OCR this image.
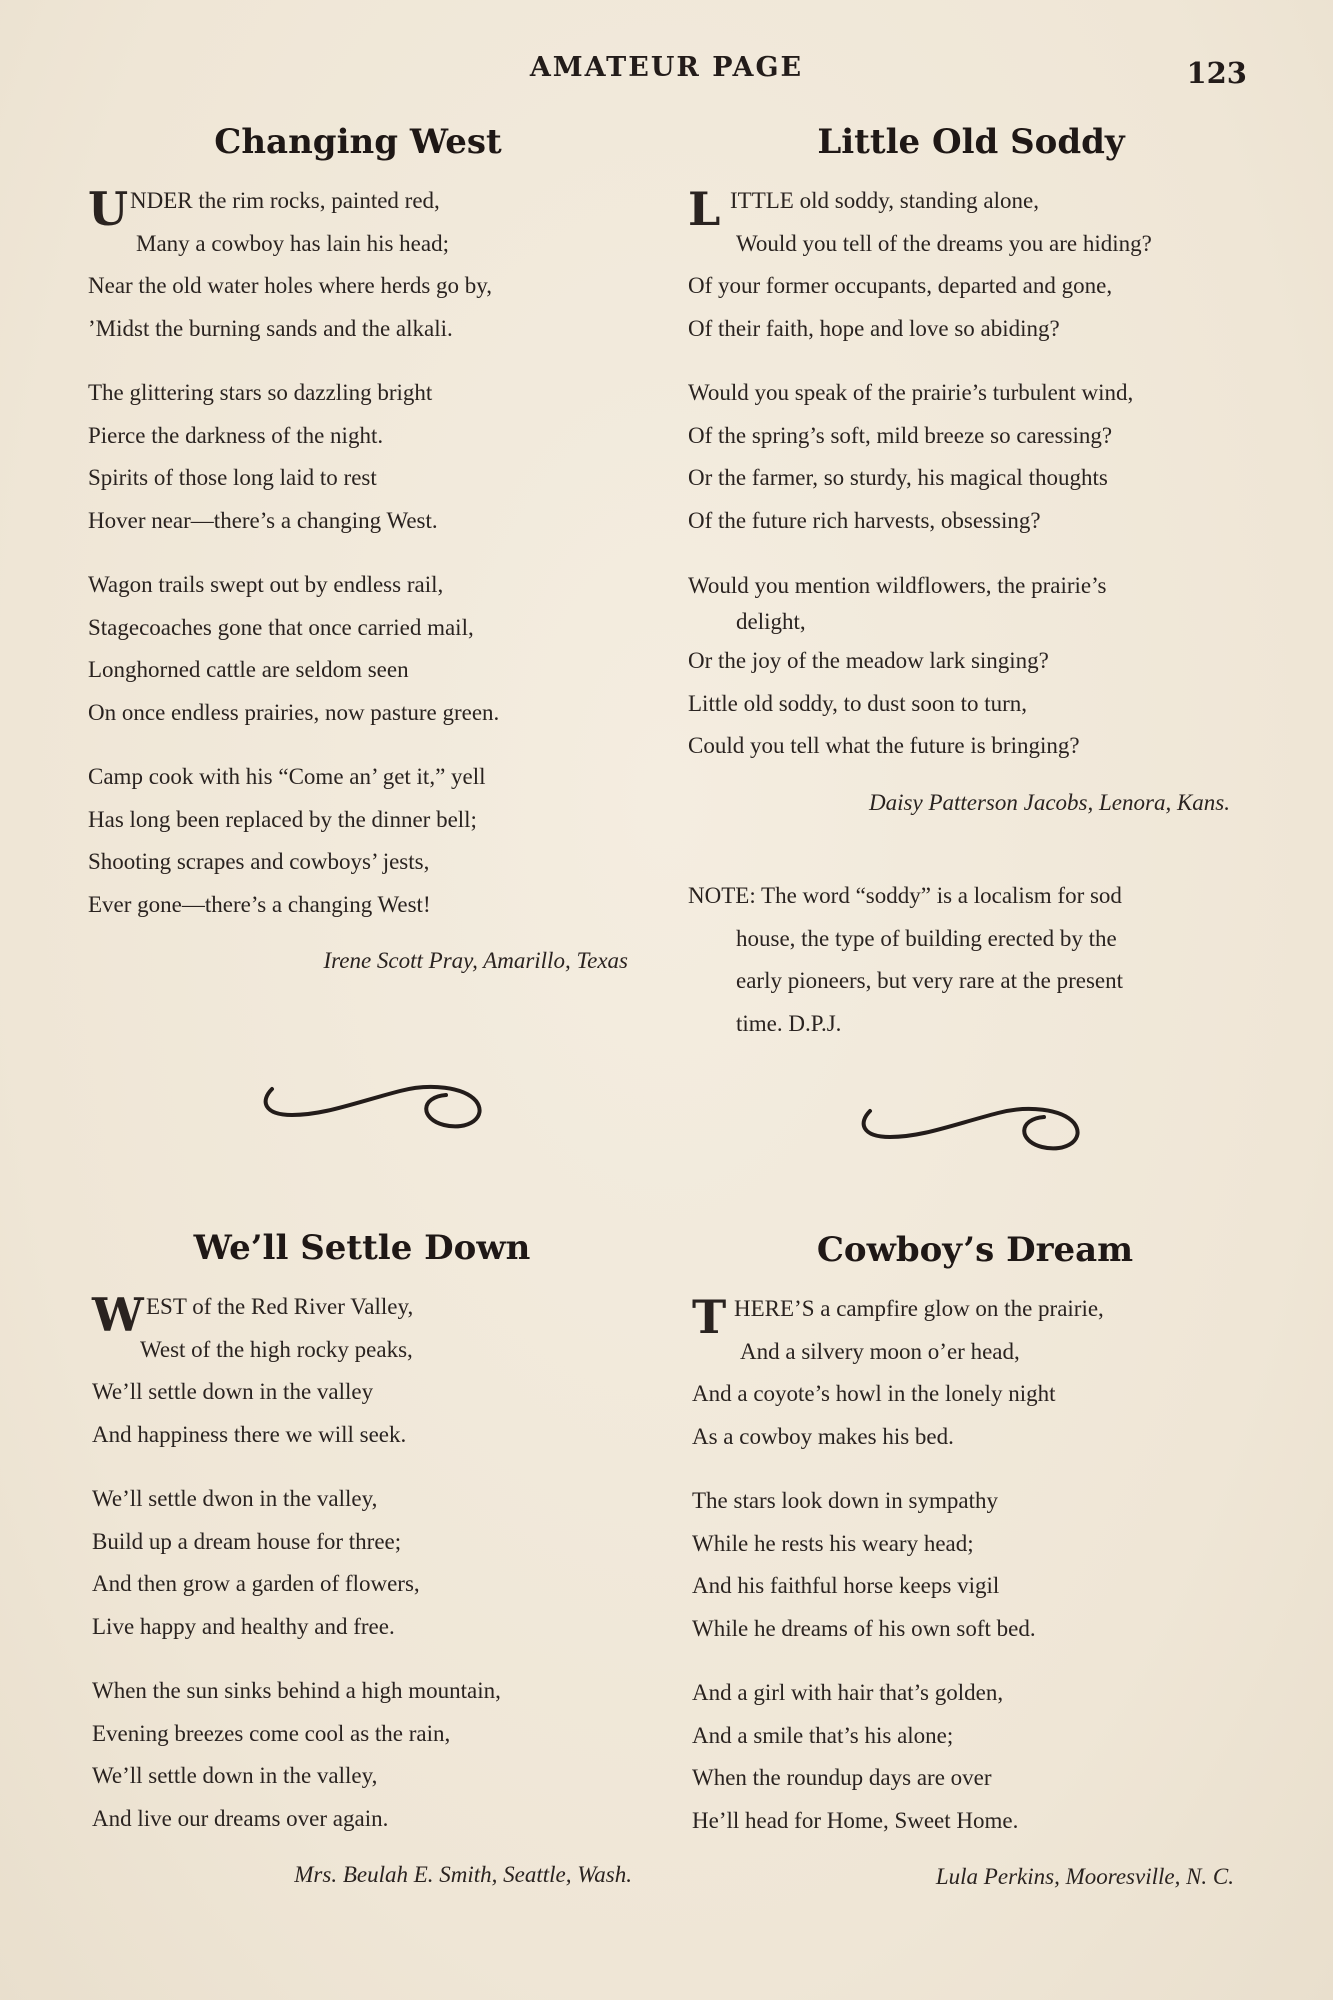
AMATEUR PAGE	123
Changing West
U NDER the rim rocks, painted red,
Many a cowboy has lain his head;
Near the old water holes where herds go by,
’Midst the burning sands and the alkali.
The glittering stars so dazzling bright
Pierce the darkness of the night.
Spirits of those long laid to rest
Hover near—there’s a changing West.
Wagon trails swept out by endless rail,
Stagecoaches gone that once carried mail,
Longhorned cattle are seldom seen
On once endless prairies, now pasture green.
Camp cook with his “Come an’ get it,” yell
Has long been replaced by the dinner bell;
Shooting scrapes and cowboys’ jests,
Ever gone—there’s a changing West!
Irene Scott Pray, Amarillo, Texas
Little Old Soddy
L ITTLE old soddy, standing alone,
Would you tell of the dreams you are hiding?
Of your former occupants, departed and gone,
Of their faith, hope and love so abiding?
Would you speak of the prairie’s turbulent wind,
Of the spring’s soft, mild breeze so caressing?
Or the farmer, so sturdy, his magical thoughts
Of the future rich harvests, obsessing?
Would you mention wildflowers, the prairie’s
delight,
Or the joy of the meadow lark singing?
Little old soddy, to dust soon to turn,
Could you tell what the future is bringing?
Daisy Patterson Jacobs, Lenora, Kans.
NOTE: The word “soddy” is a localism for sod
house, the type of building erected by the
early pioneers, but very rare at the present
time. D.P.J.
We’ll Settle Down
W EST of the Red River Valley,
West of the high rocky peaks,
We’ll settle down in the valley
And happiness there we will seek.
We’ll settle dwon in the valley,
Build up a dream house for three;
And then grow a garden of flowers,
Live happy and healthy and free.
When the sun sinks behind a high mountain,
Evening breezes come cool as the rain,
We’ll settle down in the valley,
And live our dreams over again.
Mrs. Beulah E. Smith, Seattle, Wash.
Cowboy’s Dream
T HERE’S a campfire glow on the prairie,
And a silvery moon o’er head,
And a coyote’s howl in the lonely night
As a cowboy makes his bed.
The stars look down in sympathy
While he rests his weary head;
And his faithful horse keeps vigil
While he dreams of his own soft bed.
And a girl with hair that’s golden,
And a smile that’s his alone;
When the roundup days are over
He’ll head for Home, Sweet Home.
Lula Perkins, Mooresville, N. C.
